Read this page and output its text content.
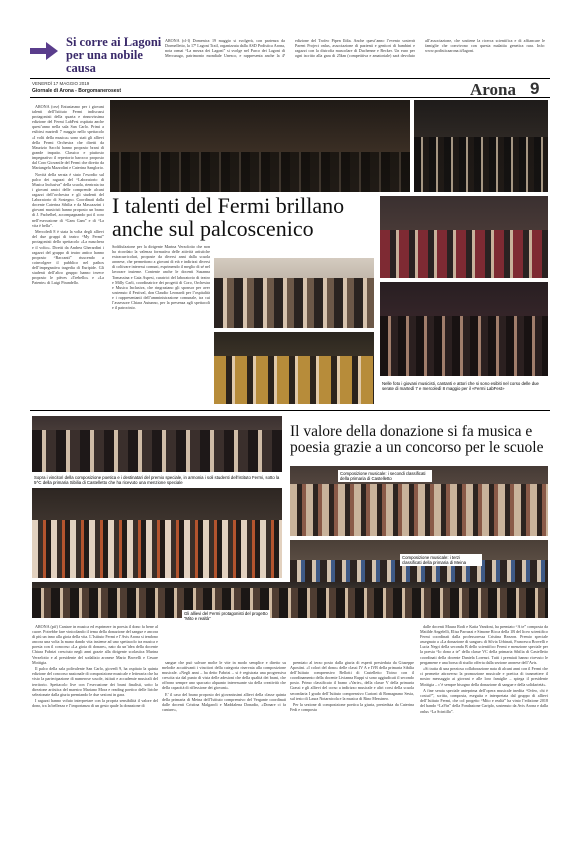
Si corre ai Lagoni per una nobile causa
ARONA (cl-l) Domenica 19 maggio si svolgerà, con partenza da Dormelletto, la 17ª Lagoni Trail, organizzata dalla ASD Podistica Arona, nota ormai “La mezza dei Lagoni” si svolge nel Parco dei Lagoni di Mercurago, patrimonio mondiale Unesco, e rappresenta anche la 4ª edizione del Trofeo Pipen Ildia. Anche quest’anno l’evento sosterrà Parent Project onlus, associazione di pazienti e genitori di bambini e ragazzi con la distrofia muscolare di Duchenne e Becker. Un euro per ogni iscritto alla gara di 25km (competitiva e amatoriale) sarà devoluto all’associazione, che sostiene la ricerca scientifica e di affiancare le famiglie che convivono con questa malattia genetica rara. Info: www.podisticaarona.it/lagoni.
VENERDÌ 17 MAGGIO 2019
Giornale di Arona - Borgomanerosest	Arona 9

ARONA (cez) Entusiasmo per i giovani talenti dell’Istituto Fermi indiscussi protagonisti della quarta e rinnovissima edizione del Fermi LabFest ospitata anche quest’anno nella sala San Carlo. Primi a esibirsi martedì 7 maggio nello spettacolo «I volti della musica» sono stati gli allievi della Fermi Orchestra che diretti da Maurizio Sacchi hanno proposto brani di grande impatto. Classico e piuttosto impegnativo il repertorio barocco proposto dal Coro Giovanile del Fermi che diretto da Mariangela Mazzolini e Caterina Sanglorio.

Novità della serata è stato l’esordio sul palco dei ragazzi del “Laboratorio di Musica Inclusiva” della scuola, rientrata tra i giovani amici delle comprende alcuni ragazzi dell’orchestra e gli studenti del Laboratorio di Sostegno. Coordinati dalla docente Caterina Sibilia e da Mascazzini i giovani musicisti hanno proposto un brano di J. Pachelbel, accompagnando poi il coro nell’esecuzione di “Gam Gam” e di “La vita è bella”.

Mercoledì 8 è stata la volta degli allievi del due gruppi di teatro “My Fermi” protagonisti dello spettacolo «La maschera e il volto». Diretti da Andrea Gherardini i ragazzi del gruppo di teatro antico hanno proposto “Baccanti” riuscendo a coinvolgere il pubblico nel pathos dell’impegnativa tragedia di Euripide. Gli studenti dell’altro gruppo hanno invece proposto le pièces «Trebello» e «La Patente» di Luigi Pirandello.

I talenti del Fermi brillano anche sul palcoscenico
Soddisfazione per la dirigente Marina Verzolotto che non ha ricordato la valenza formativa delle attività artistiche extracurricolari, proposte da diversi anni dalla scuola aronese, che permettono a giovani di età e indirizzi diversi di coltivare interessi comuni, esprimendo il meglio di sé nel lavorare insieme. Contente anche le docenti Susanna Tomassina e Gaia Aspesi, curatrici del laboratorio di teatro e Milly Carli, coordinatrice dei progetti di Coro, Orchestra e Musica Inclusiva, che ringraziano gli sponsor per aver sostenuto il Festival, don Claudio Leonardi per l’ospitalità e i rappresentanti dell’amministrazione comunale, tra cui l’assessore Chiara Autunno, per la presenza agli spettacoli e il patrocinio.
Nelle foto i giovani musicisti, cantanti e attori che si sono esibiti nel corso delle due serate di martedì 7 e mercoledì 8 maggio per il «Fermi LabFest»
Il valore della donazione si fa musica e poesia grazie a un concorso per le scuole
Sopra i vincitori della composizione poetica e i destinatari del premio speciale, in armonia i soli studenti dell’istituto Fermi, sotto la 5^C della primaria Sibilia di Castelletto che ha ricevuto una menzione speciale
Composizione musicale: i secondi classificati della primaria di Castelletto
Composizione musicale: i terzi classificati della primaria di Meina
Gli allievi del Fermi protagonisti del progetto “Mito e realtà”

ARONA (pif) Cantare in musica ed esprimere in poesia il dono fa bene al cuore. Potrebbe fare vinicolando il tema della donazione del sangue e ancora di più un inno alla gioia della vita. L’Istituto Fermi e l’Avis Arona si tendono ancora una volta la mano dando vita insieme ad uno spettacolo tra musica e poesia con il concorso «La gioia di donare», nato da un’idea della docente Chiara Fabrizi cresciuto negli anni grazie alla dirigente scolastica Marina Verzelotto e al presidente del sodalizio aronese Mario Brovelli e Cesare Mottigia.

Il palco della sala polivalente San Carlo, giovedì 9, ha ospitato la quinta edizione del concorso nazionale di composizione musicale e letteraria che ha visto la partecipazione di numerose scuole, istituti e accademie musicali del territorio. Spettacolo live con l’esecuzione dei brani finalisti, sotto la direzione artistica del maestro Mariano Mora e reading poetico delle liriche selezionate dalla giuria premiando le due sezioni in gara.

I ragazzi hanno voluto interpretare con la propria sensibilità il valore del dono, tra la bellezza e l’importanza di un gesto quale la donazione di

sangue che può salvare molte le vite in modo semplice e diretto su melodie accattivanti i vincitori della categoria riservata alla composizione musicale. «Negli anni – ha detto Fabrizi – si è registrata una progressiva crescita sia dal punto di vista delle adesioni che della qualità dei brani, che offrono sempre uno spaccato alquanto interessante sia della creatività che della capacità di riflessione dei giovani».

E’ il caso del brano proposto dei giovanissimi allievi della classe quinta della primaria di Meina dell’Istituto comprensivo del Vergante coordinati dalle docenti Cristina Malgaroli e Maddalena Donadio, «Donare ci fa cantare»,

premiato al terzo posto dalla giuria di esperti presieduta da Giuseppe Apostini. «I colori del dono» delle classi IV A e IVB della primaria Sibilia dell’Istituto comprensivo Bellotti di Castelletto Ticino con il coordinamento della docente Livianna Ruppi si sono aggiudicati il secondo posto. Primo classificato il brano «Varie», della classe V della primaria Grassi e gli allievi del corso a indirizzo musicale e altri corsi della scuola secondaria I grado dell’Istituto comprensivo Curioni di Romagnano Sesia, sul testo di Laura Notarnicola e la musica di Rino Messineo.

Per la sezione di composizione poetica la giuria, presieduta da Caterina Fedi e composta

dalle docenti Maura Rodi e Katia Vandoni, ha premiato “A te” composta da Matilde Angelelli, Elisa Parrazzi e Simone Ricca della 1B del liceo scientifico Fermi coordinati dalla professoressa Cristina Rezzon. Premio speciale assegnato a «La donazione di sangue» di Silvia Urbinati, Francesca Brovelli e Lucia Negri della seconda B dello scientifico Fermi e menzione speciale per la poesia “Io dono a te” della classe VC della primaria Sibilia di Castelletto coordinati della docente Daniela Lorenzi. Tutti i premiati hanno ricevuto le pergamene e una borsa di studio offerta dalla sezione aronese dell’Avis.

«Si tratta di una preziosa collaborazione nata di alcuni anni con il Fermi che ci permette attraverso la promozione musicale e poetica di trasmettere il nostro messaggio ai giovani e alle loro famiglie – spiega il presidente Mottigia – c’è sempre bisogno della donazione di sangue e della solidarietà».

A fine serata speciale anteprima dell’opera musicale inedita “Orfeo, chi è costui?”, scritta, composta, eseguita e interpretata dal gruppo di allievi dell’Istituto Fermi, che col progetto “Mito e realtà” ha vinto l’edizione 2018 del bando “LaVin” della Fondazione Cariplo, sostenuto da Avis Arona e dalla onlus “La Scintilla”.
